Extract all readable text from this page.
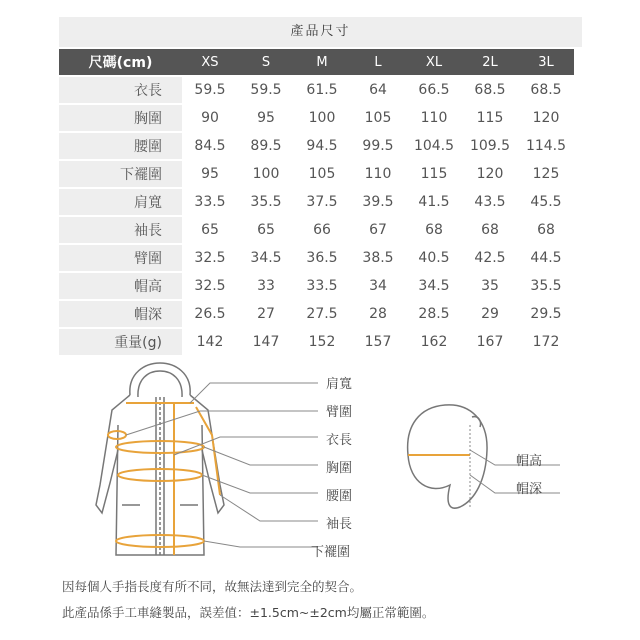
產品尺寸
尺碼(cm)	XS	S	M	L	XL	2L	3L
衣長	59.5	59.5	61.5	64	66.5	68.5	68.5
胸圍	90	95	100	105	110	115	120
腰圍	84.5	89.5	94.5	99.5	104.5	109.5	114.5
下襬圍	95	100	105	110	115	120	125
肩寬	33.5	35.5	37.5	39.5	41.5	43.5	45.5
袖長	65	65	66	67	68	68	68
臂圍	32.5	34.5	36.5	38.5	40.5	42.5	44.5
帽高	32.5	33	33.5	34	34.5	35	35.5
帽深	26.5	27	27.5	28	28.5	29	29.5
重量(g)	142	147	152	157	162	167	172
肩寬
臂圍
衣長
胸圍
腰圍
袖長
下襬圍
帽高
帽深
因每個人手指長度有所不同，故無法達到完全的契合。
此產品係手工車縫製品，誤差值：±1.5cm~±2cm均屬正常範圍。
